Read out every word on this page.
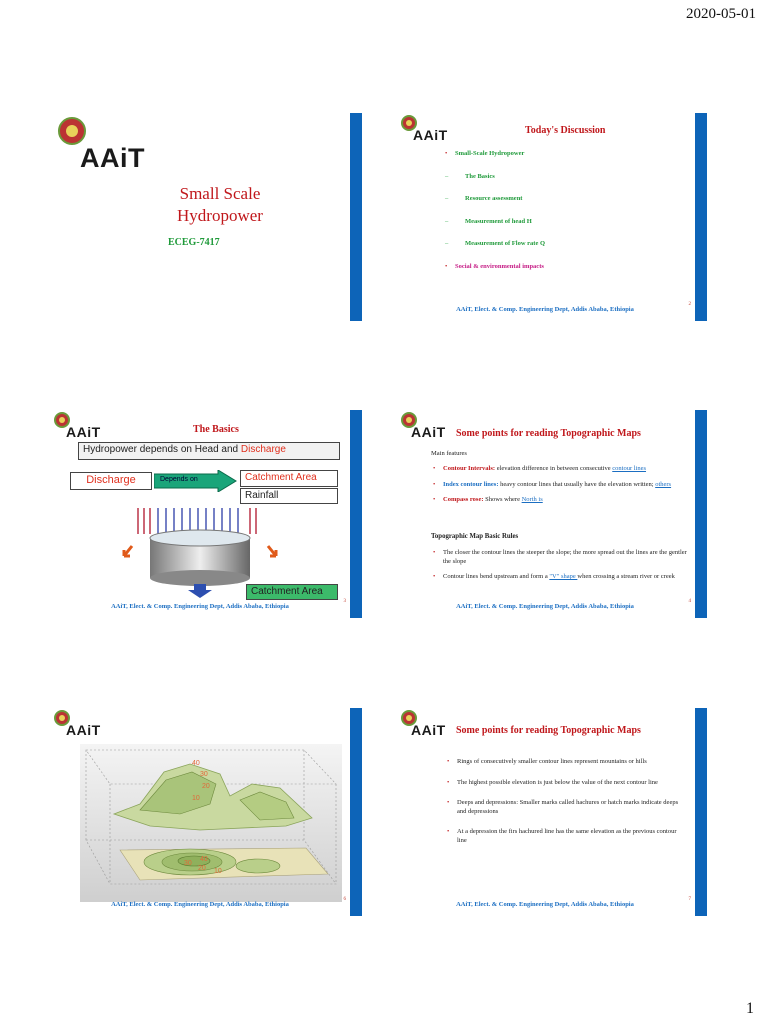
2020-05-01
AAiT
Small Scale
Hydropower
ECEG-7417
AAiT	Today's Discussion
• Small-Scale Hydropower
– The Basics
– Resource assessment
– Measurement of head H
– Measurement of Flow rate Q
• Social & environmental impacts
AAiT, Elect. & Comp. Engineering Dept, Addis Ababa, Ethiopia
2
AAiT	The Basics
Hydropower depends on Head and Discharge
Discharge	Depends on	Catchment Area
Rainfall
Catchment Area
AAiT, Elect. & Comp. Engineering Dept, Addis Ababa, Ethiopia
3
AAiT Some points for reading Topographic Maps
Main features
• Contour Intervals: elevation difference in between consecutive contour lines
• Index contour lines: heavy contour lines that usually have the elevation written; others
• Compass rose: Shows where North is
Topographic Map Basic Rules
• The closer the contour lines the steeper the slope; the more spread out the lines are the gentler the slope
• Contour lines bend upstream and form a "V" shape when crossing a stream river or creek
AAiT, Elect. & Comp. Engineering Dept, Addis Ababa, Ethiopia
4
AAiT
40
30
20
10
40
30
20 10
AAiT, Elect. & Comp. Engineering Dept, Addis Ababa, Ethiopia
6
AAiT Some points for reading Topographic Maps
• Rings of consecutively smaller contour lines represent mountains or hills
• The highest possible elevation is just below the value of the next contour line
• Deeps and depressions: Smaller marks called hachures or hatch marks indicate deeps and depressions
• At a depression the firs hachured line has the same elevation as the previous contour line
AAiT, Elect. & Comp. Engineering Dept, Addis Ababa, Ethiopia
7
1
